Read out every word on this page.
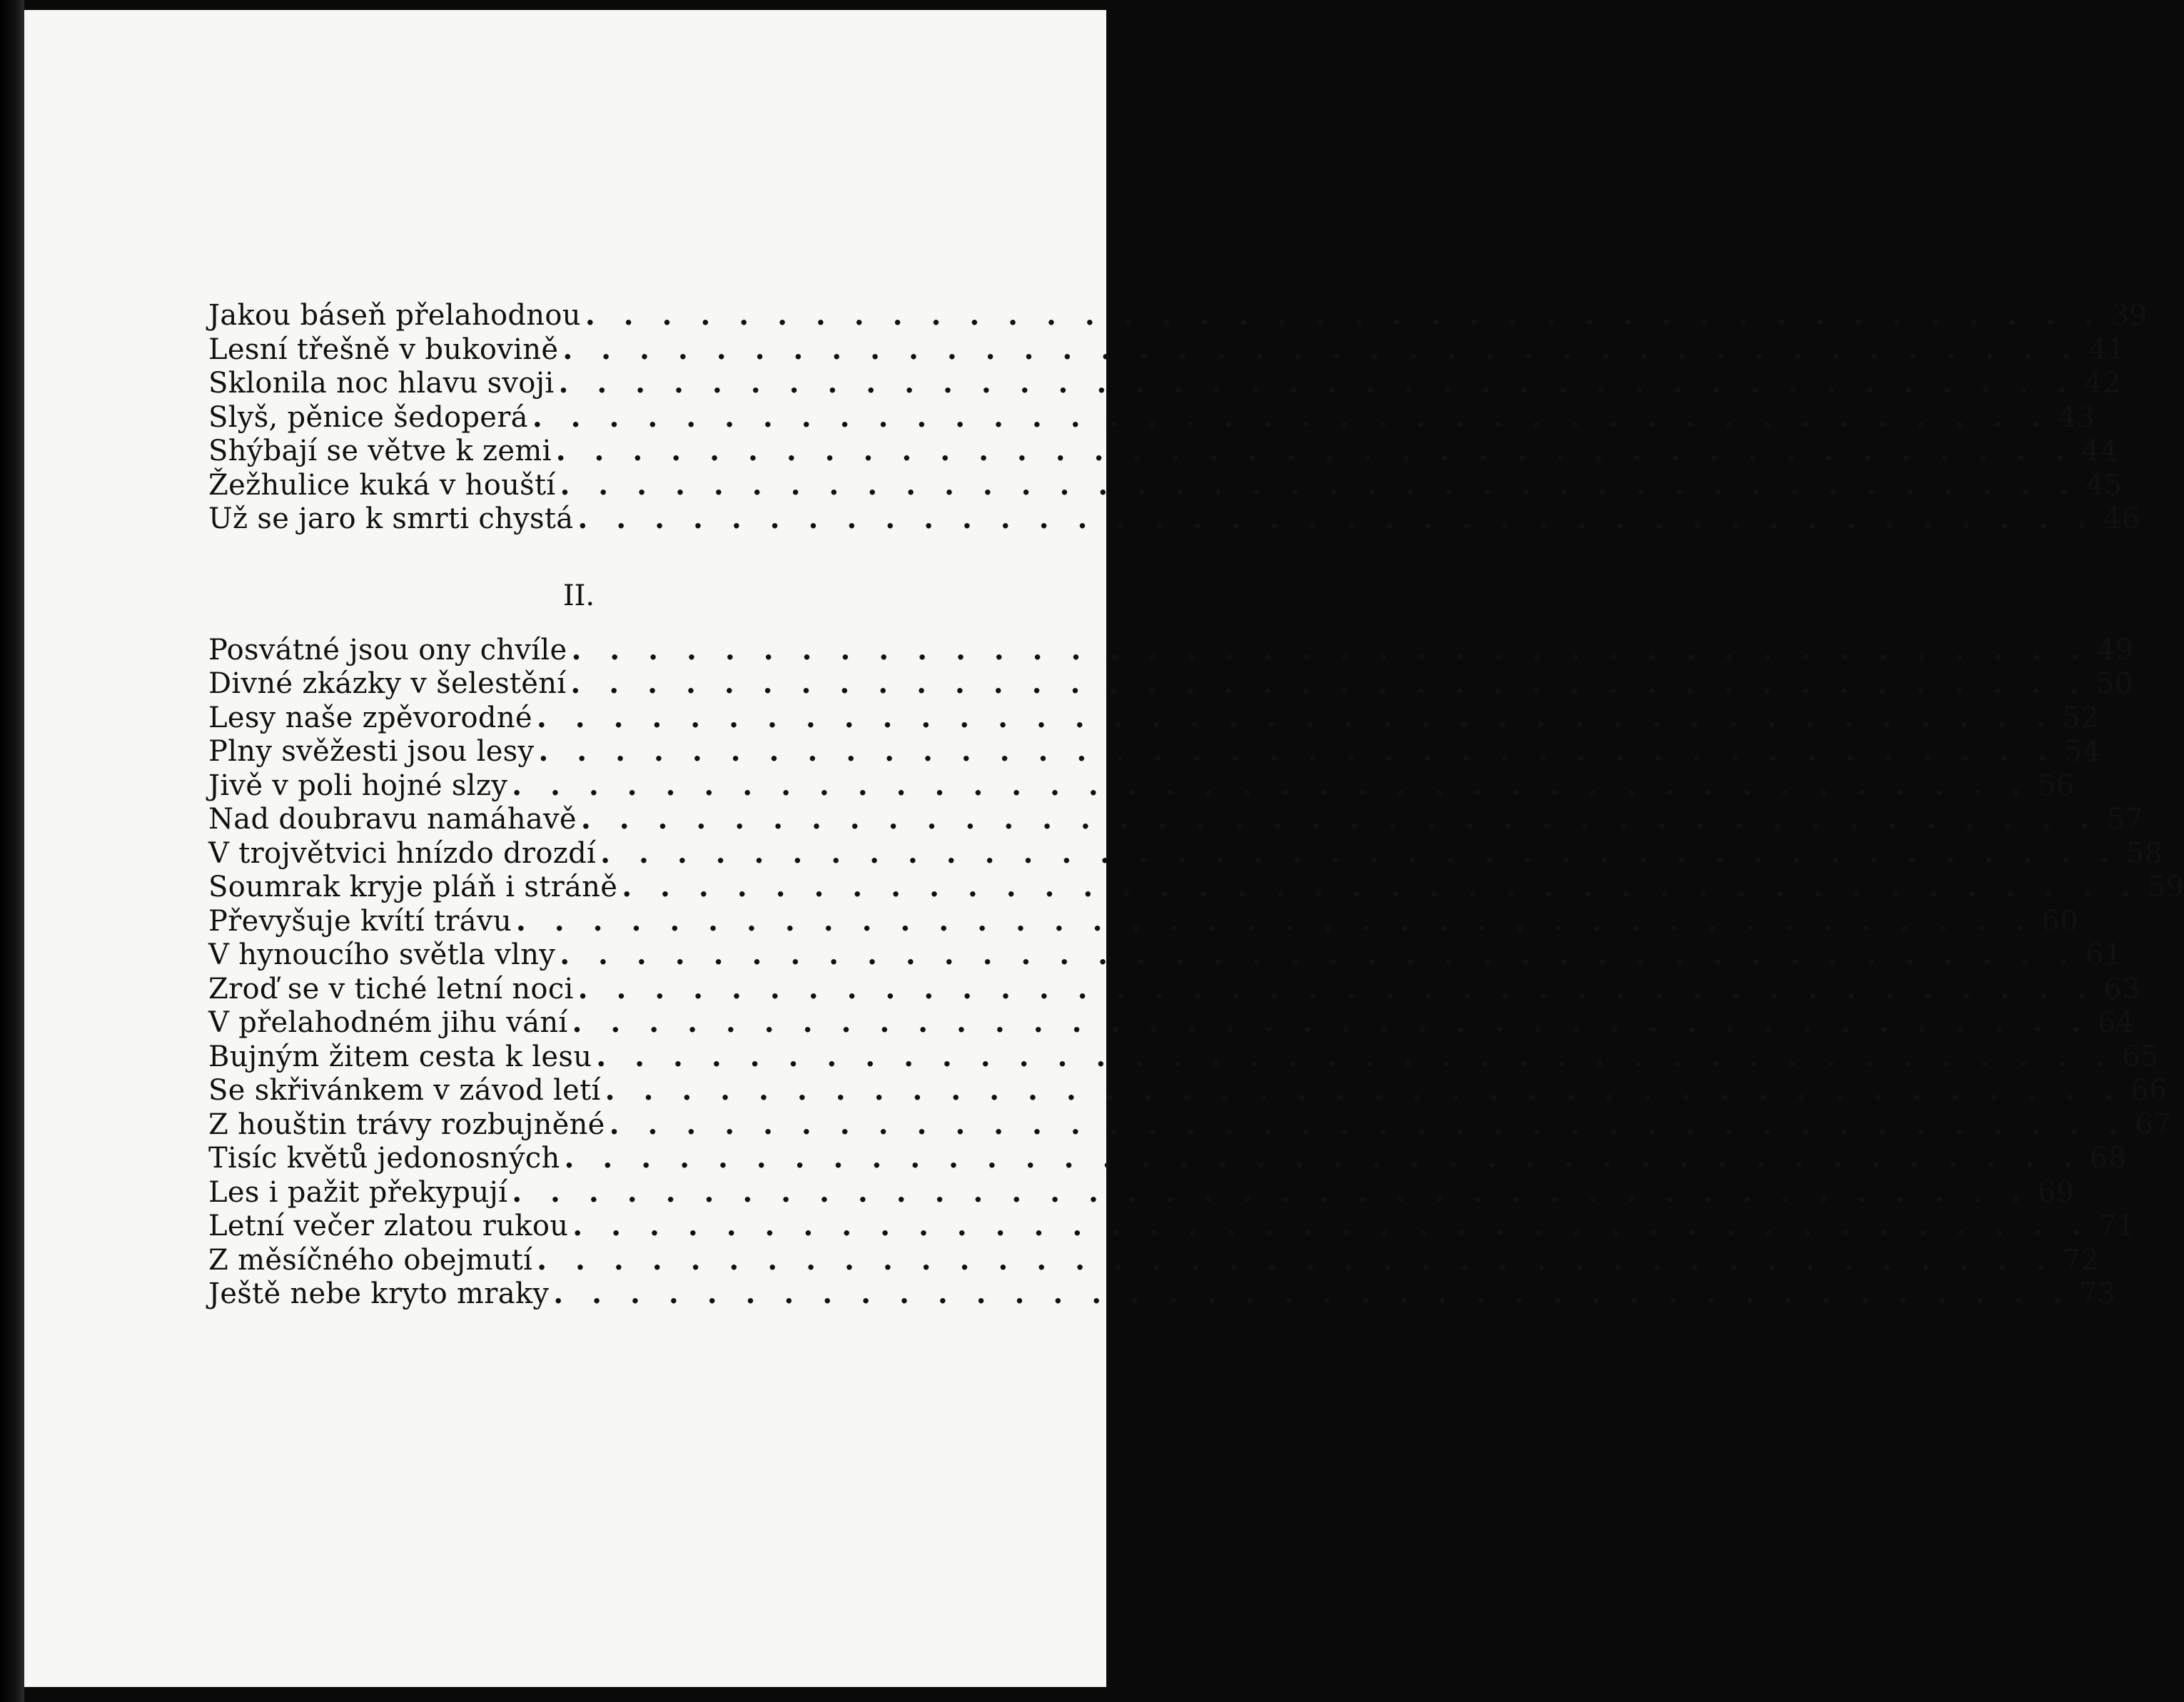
Jakou báseň přelahodnou . . . . . . . . . . . . . . . . . . . . . . . . . . . . . . . . . . . . . . . . 39
Lesní třešně v bukovině . . . . . . . . . . . . . . . . . . . . . . . . . . . . . . . . . . . . . . . . 41
Sklonila noc hlavu svoji . . . . . . . . . . . . . . . . . . . . . . . . . . . . . . . . . . . . . . . . 42
Slyš, pěnice šedoperá . . . . . . . . . . . . . . . . . . . . . . . . . . . . . . . . . . . . . . . . 43
Shýbají se větve k zemi . . . . . . . . . . . . . . . . . . . . . . . . . . . . . . . . . . . . . . . . 44
Žežhulice kuká v houští . . . . . . . . . . . . . . . . . . . . . . . . . . . . . . . . . . . . . . . . 45
Už se jaro k smrti chystá . . . . . . . . . . . . . . . . . . . . . . . . . . . . . . . . . . . . . . . . 46
II.
Posvátné jsou ony chvíle . . . . . . . . . . . . . . . . . . . . . . . . . . . . . . . . . . . . . . . . 49
Divné zkázky v šelestění . . . . . . . . . . . . . . . . . . . . . . . . . . . . . . . . . . . . . . . . 50
Lesy naše zpěvorodné . . . . . . . . . . . . . . . . . . . . . . . . . . . . . . . . . . . . . . . . 52
Plny svěžesti jsou lesy . . . . . . . . . . . . . . . . . . . . . . . . . . . . . . . . . . . . . . . . 54
Jivě v poli hojné slzy . . . . . . . . . . . . . . . . . . . . . . . . . . . . . . . . . . . . . . . . 56
Nad doubravu namáhavě . . . . . . . . . . . . . . . . . . . . . . . . . . . . . . . . . . . . . . . . 57
V trojvětvici hnízdo drozdí . . . . . . . . . . . . . . . . . . . . . . . . . . . . . . . . . . . . . . . . 58
Soumrak kryje pláň i stráně . . . . . . . . . . . . . . . . . . . . . . . . . . . . . . . . . . . . . . . . 59
Převyšuje kvítí trávu . . . . . . . . . . . . . . . . . . . . . . . . . . . . . . . . . . . . . . . . 60
V hynoucího světla vlny . . . . . . . . . . . . . . . . . . . . . . . . . . . . . . . . . . . . . . . . 61
Zroď se v tiché letní noci . . . . . . . . . . . . . . . . . . . . . . . . . . . . . . . . . . . . . . . . 63
V přelahodném jihu vání . . . . . . . . . . . . . . . . . . . . . . . . . . . . . . . . . . . . . . . . 64
Bujným žitem cesta k lesu . . . . . . . . . . . . . . . . . . . . . . . . . . . . . . . . . . . . . . . . 65
Se skřivánkem v závod letí . . . . . . . . . . . . . . . . . . . . . . . . . . . . . . . . . . . . . . . . 66
Z houštin trávy rozbujněné . . . . . . . . . . . . . . . . . . . . . . . . . . . . . . . . . . . . . . . . 67
Tisíc květů jedonosných . . . . . . . . . . . . . . . . . . . . . . . . . . . . . . . . . . . . . . . . 68
Les i pažit překypují . . . . . . . . . . . . . . . . . . . . . . . . . . . . . . . . . . . . . . . . 69
Letní večer zlatou rukou . . . . . . . . . . . . . . . . . . . . . . . . . . . . . . . . . . . . . . . . 71
Z měsíčného obejmutí . . . . . . . . . . . . . . . . . . . . . . . . . . . . . . . . . . . . . . . . 72
Ještě nebe kryto mraky . . . . . . . . . . . . . . . . . . . . . . . . . . . . . . . . . . . . . . . . 73
